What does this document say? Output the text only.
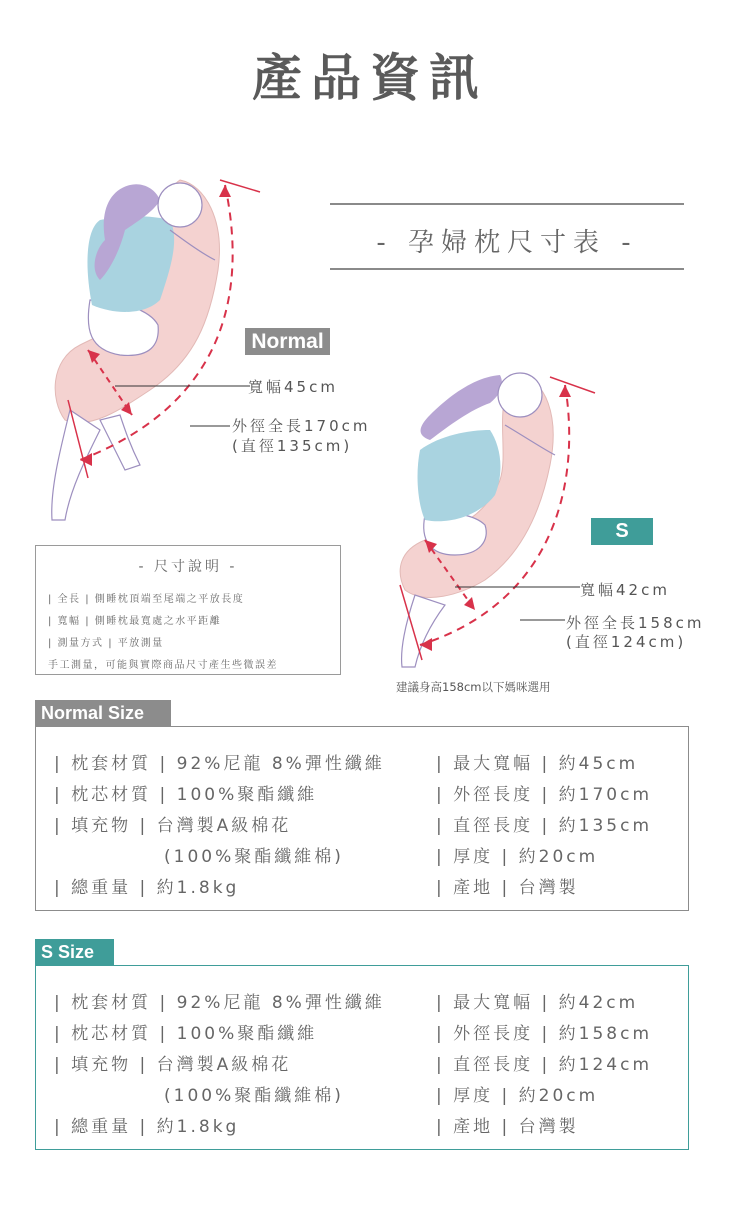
產品資訊
- 孕婦枕尺寸表 -
Normal
寬幅45cm
外徑全長170cm
(直徑135cm)
S
寬幅42cm
外徑全長158cm
(直徑124cm)
- 尺寸說明 -
| 全長 | 側睡枕頂端至尾端之平放長度
| 寬幅 | 側睡枕最寬處之水平距離
| 測量方式 | 平放測量
手工測量，可能與實際商品尺寸產生些微誤差
建議身高158cm以下媽咪選用
Normal Size
| 枕套材質 | 92%尼龍 8%彈性纖維
| 枕芯材質 | 100%聚酯纖維
| 填充物 | 台灣製A級棉花
(100%聚酯纖維棉)
| 總重量 | 約1.8kg
| 最大寬幅 | 約45cm
| 外徑長度 | 約170cm
| 直徑長度 | 約135cm
| 厚度 | 約20cm
| 產地 | 台灣製
S Size
| 枕套材質 | 92%尼龍 8%彈性纖維
| 枕芯材質 | 100%聚酯纖維
| 填充物 | 台灣製A級棉花
(100%聚酯纖維棉)
| 總重量 | 約1.8kg
| 最大寬幅 | 約42cm
| 外徑長度 | 約158cm
| 直徑長度 | 約124cm
| 厚度 | 約20cm
| 產地 | 台灣製
